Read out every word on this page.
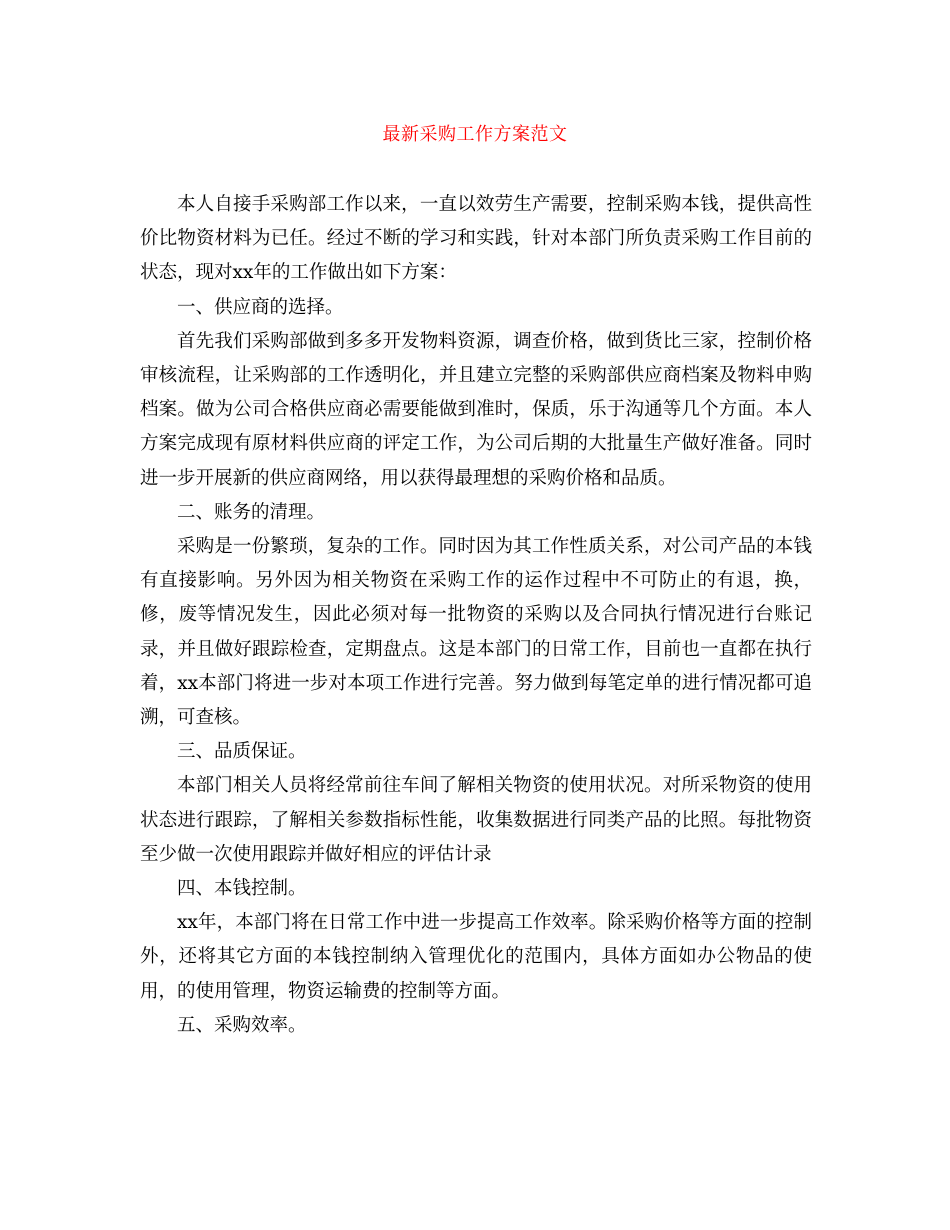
最新采购工作方案范文

本人自接手采购部工作以来，一直以效劳生产需要，控制采购本钱，提供高性价比物资材料为已任。经过不断的学习和实践，针对本部门所负责采购工作目前的状态，现对xx年的工作做出如下方案：

一、供应商的选择。

首先我们采购部做到多多开发物料资源，调查价格，做到货比三家，控制价格审核流程，让采购部的工作透明化，并且建立完整的采购部供应商档案及物料申购档案。做为公司合格供应商必需要能做到准时，保质，乐于沟通等几个方面。本人方案完成现有原材料供应商的评定工作，为公司后期的大批量生产做好准备。同时进一步开展新的供应商网络，用以获得最理想的采购价格和品质。

二、账务的清理。

采购是一份繁琐，复杂的工作。同时因为其工作性质关系，对公司产品的本钱有直接影响。另外因为相关物资在采购工作的运作过程中不可防止的有退，换，修，废等情况发生，因此必须对每一批物资的采购以及合同执行情况进行台账记录，并且做好跟踪检查，定期盘点。这是本部门的日常工作，目前也一直都在执行着，xx本部门将进一步对本项工作进行完善。努力做到每笔定单的进行情况都可追溯，可查核。

三、品质保证。

本部门相关人员将经常前往车间了解相关物资的使用状况。对所采物资的使用状态进行跟踪，了解相关参数指标性能，收集数据进行同类产品的比照。每批物资至少做一次使用跟踪并做好相应的评估计录

四、本钱控制。

xx年，本部门将在日常工作中进一步提高工作效率。除采购价格等方面的控制外，还将其它方面的本钱控制纳入管理优化的范围内，具体方面如办公物品的使用，的使用管理，物资运输费的控制等方面。

五、采购效率。
